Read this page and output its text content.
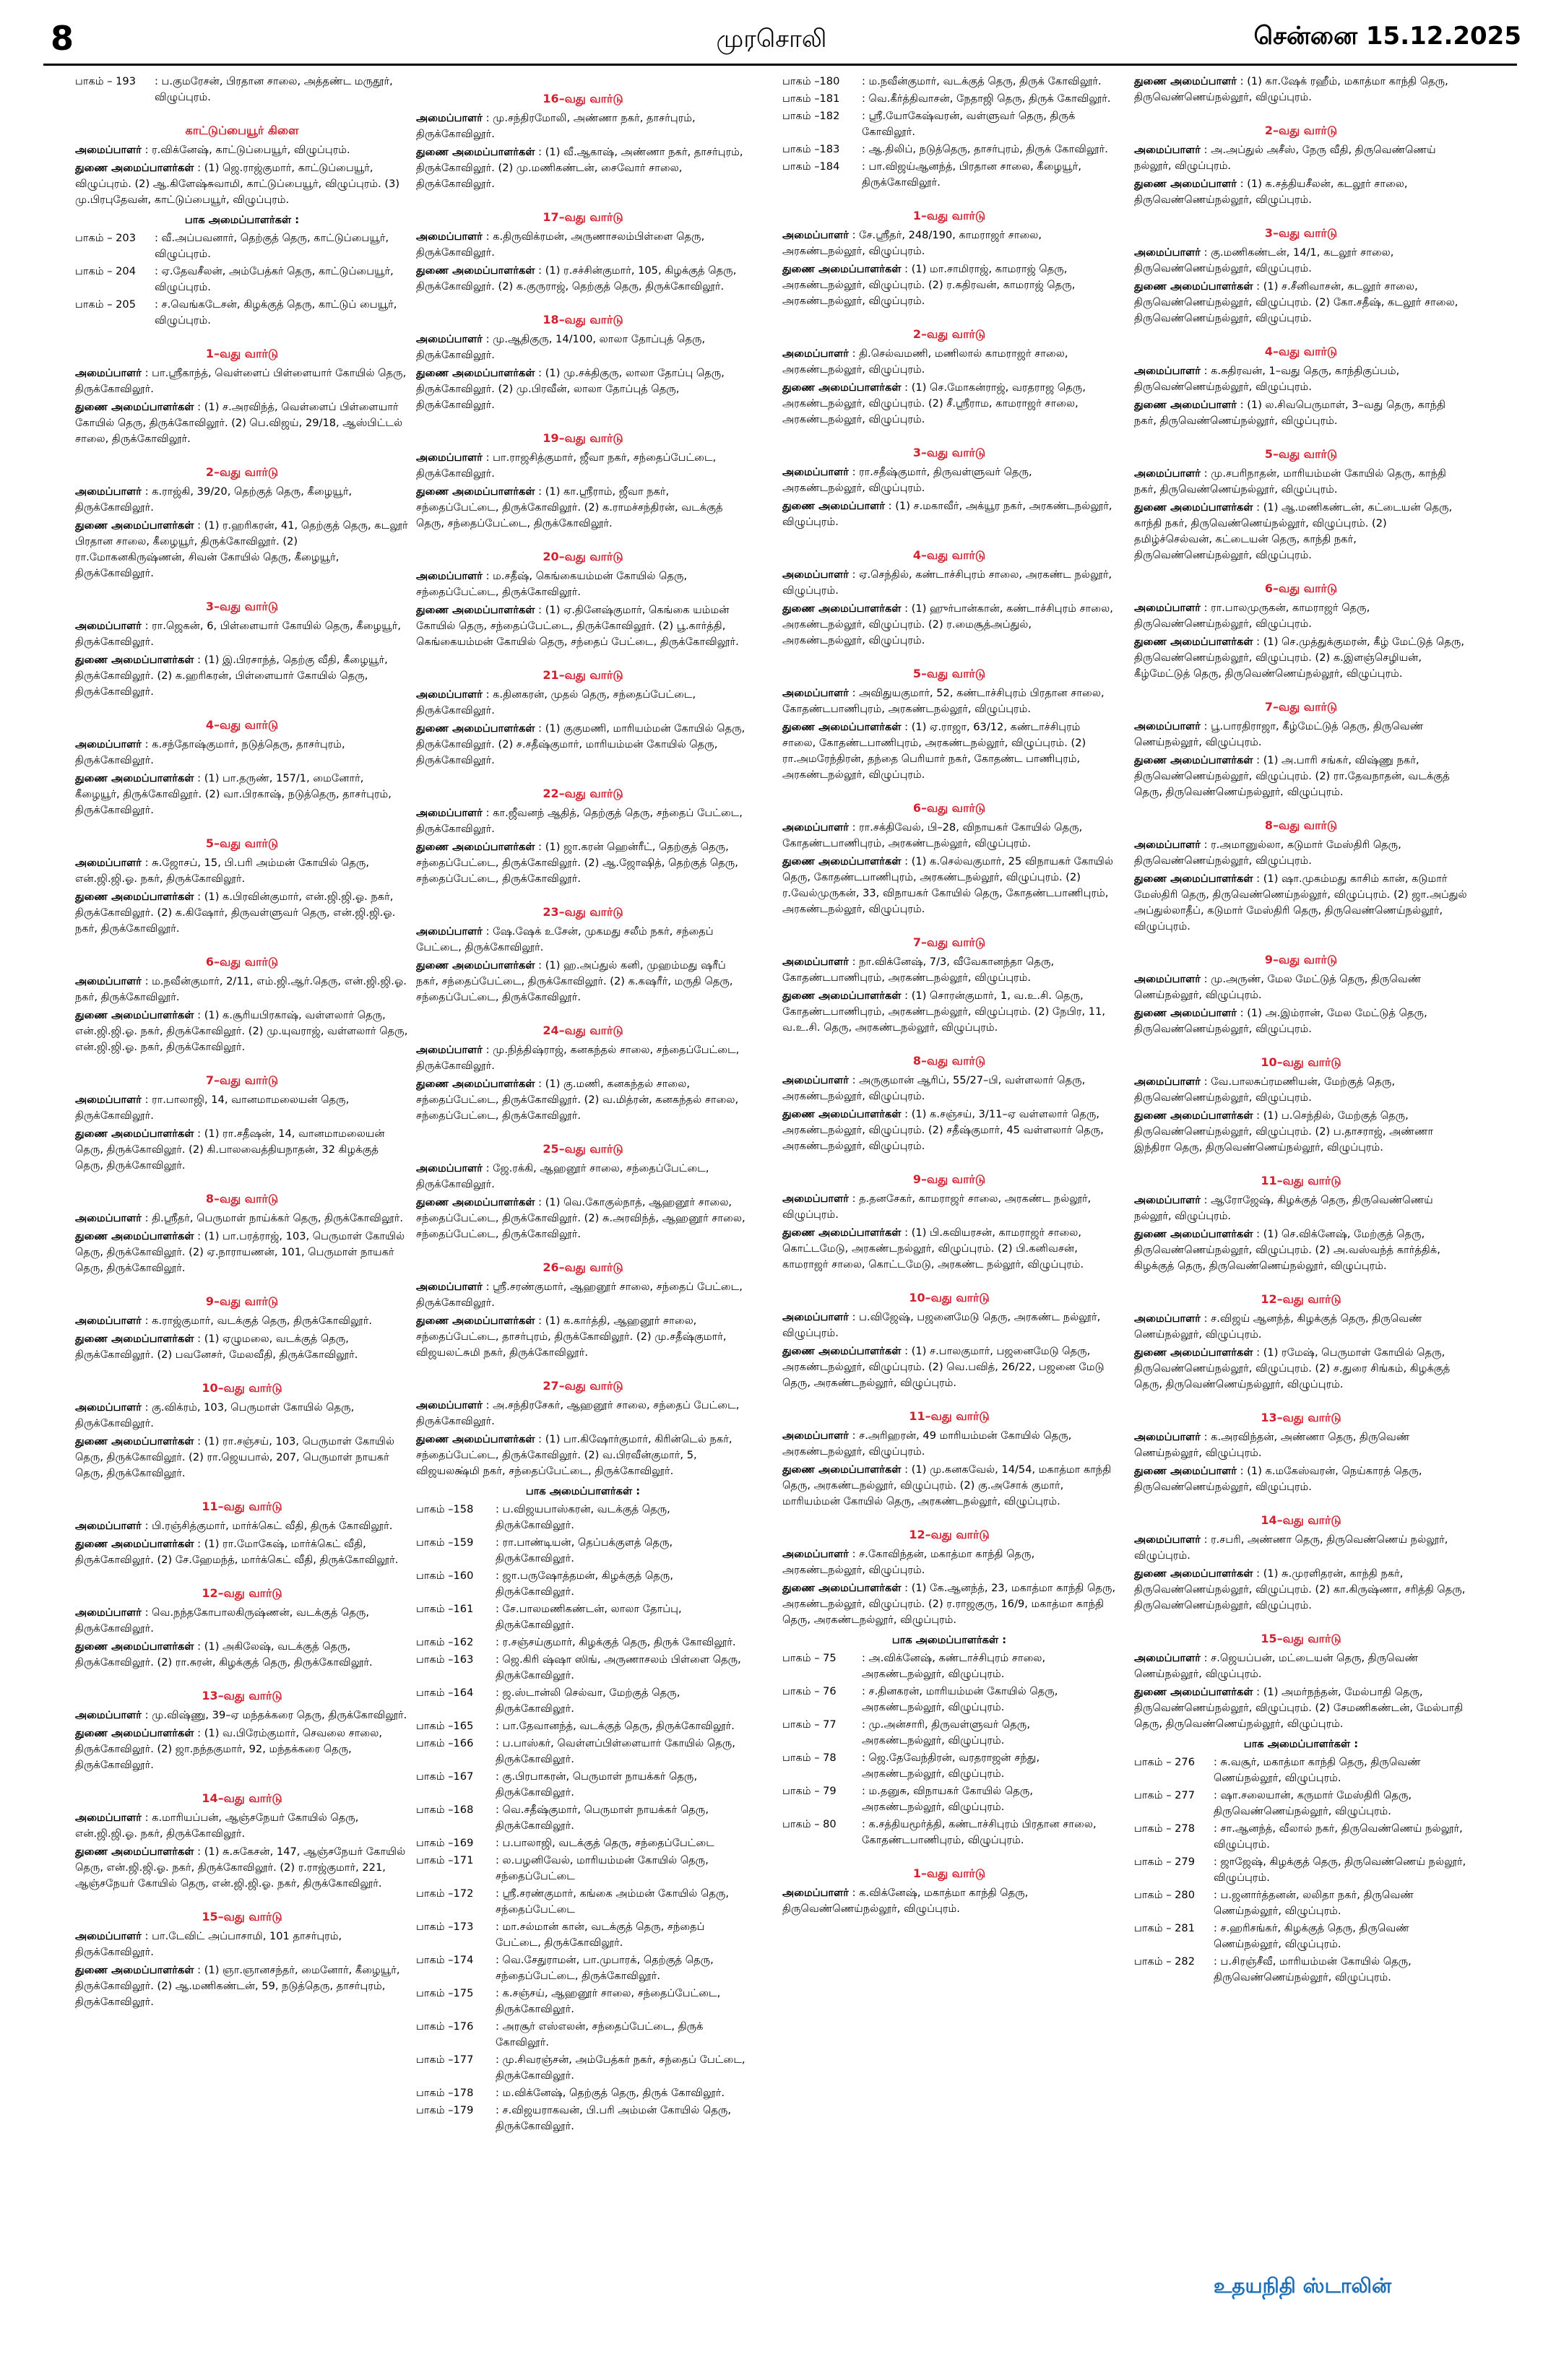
8	முரசொலி	சென்னை 15.12.2025
பாகம் – 193	: ப.குமரேசன், பிரதான சாலை, அத்தண்ட மருதூர், விழுப்புரம்.
காட்டுப்பையூர் கிளை
அமைப்பாளர் : ர.விக்னேஷ், காட்டுப்பையூர், விழுப்புரம்.
துணை அமைப்பாளர்கள் : (1) ஜெ.ராஜ்குமார், காட்டுப்பையூர், விழுப்புரம். (2) ஆ.கிளேஷ்சுவாமி, காட்டுப்பையூர், விழுப்புரம். (3) மு.பிரபுதேவன், காட்டுப்பையூர், விழுப்புரம்.
பாக அமைப்பாளர்கள் :
பாகம் – 203	: வீ.அப்பவனார், தெற்குத் தெரு, காட்டுப்பையூர், விழுப்புரம்.
பாகம் – 204	: ஏ.தேவசீலன், அம்பேத்கர் தெரு, காட்டுப்பையூர், விழுப்புரம்.
பாகம் – 205	: ச.வெங்கடேசன், கிழக்குத் தெரு, காட்டுப் பையூர், விழுப்புரம்.
1–வது வார்டு
அமைப்பாளர் : பா.ஸ்ரீகாந்த், வெள்ளைப் பிள்ளையார் கோயில் தெரு, திருக்கோவிலூர்.
துணை அமைப்பாளர்கள் : (1) ச.அரவிந்த், வெள்ளைப் பிள்ளையார் கோயில் தெரு, திருக்கோவிலூர். (2) பெ.விஜய், 29/18, ஆஸ்பிட்டல் சாலை, திருக்கோவிலூர்.
2–வது வார்டு
அமைப்பாளர் : க.ராஜ்கி, 39/20, தெற்குத் தெரு, கீழையூர், திருக்கோவிலூர்.
துணை அமைப்பாளர்கள் : (1) ர.ஹரிகரன், 41, தெற்குத் தெரு, கடலூர் பிரதான சாலை, கீழையூர், திருக்கோவிலூர். (2) ரா.மோகனகிருஷ்ணன், சிவன் கோயில் தெரு, கீழையூர், திருக்கோவிலூர்.
3–வது வார்டு
அமைப்பாளர் : ரா.ஜெகன், 6, பிள்ளையார் கோயில் தெரு, கீழையூர், திருக்கோவிலூர்.
துணை அமைப்பாளர்கள் : (1) இ.பிரசாந்த், தெற்கு வீதி, கீழையூர், திருக்கோவிலூர். (2) க.ஹரிகரன், பிள்ளையார் கோயில் தெரு, திருக்கோவிலூர்.
4–வது வார்டு
அமைப்பாளர் : க.சந்தோஷ்குமார், நடுத்தெரு, தாசர்புரம், திருக்கோவிலூர்.
துணை அமைப்பாளர்கள் : (1) பா.தருண், 157/1, மைனோர், கீழையூர், திருக்கோவிலூர். (2) வா.பிரகாஷ், நடுத்தெரு, தாசர்புரம், திருக்கோவிலூர்.
5–வது வார்டு
அமைப்பாளர் : சு.ஜோசப், 15, பி.பரி அம்மன் கோயில் தெரு, என்.ஜி.ஜி.ஓ. நகர், திருக்கோவிலூர்.
துணை அமைப்பாளர்கள் : (1) க.பிரவின்குமார், என்.ஜி.ஜி.ஓ. நகர், திருக்கோவிலூர். (2) க.கிஷோர், திருவள்ளுவர் தெரு, என்.ஜி.ஜி.ஓ. நகர், திருக்கோவிலூர்.
6–வது வார்டு
அமைப்பாளர் : ம.நவீன்குமார், 2/11, எம்.ஜி.ஆர்.தெரு, என்.ஜி.ஜி.ஓ. நகர், திருக்கோவிலூர்.
துணை அமைப்பாளர்கள் : (1) க.சூரியபிரகாஷ், வள்ளலார் தெரு, என்.ஜி.ஜி.ஓ. நகர், திருக்கோவிலூர். (2) மு.யுவராஜ், வள்ளலார் தெரு, என்.ஜி.ஜி.ஓ. நகர், திருக்கோவிலூர்.
7–வது வார்டு
அமைப்பாளர் : ரா.பாலாஜி, 14, வானமாமலையன் தெரு, திருக்கோவிலூர்.
துணை அமைப்பாளர்கள் : (1) ரா.சதீஷன், 14, வானமாமலையன் தெரு, திருக்கோவிலூர். (2) கி.பாலவைத்தியநாதன், 32 கிழக்குத் தெரு, திருக்கோவிலூர்.
8–வது வார்டு
அமைப்பாளர் : தி.ஸ்ரீதர், பெருமாள் நாய்க்கர் தெரு, திருக்கோவிலூர்.
துணை அமைப்பாளர்கள் : (1) பா.பரத்ராஜ், 103, பெருமாள் கோயில் தெரு, திருக்கோவிலூர். (2) ஏ.நாராயணன், 101, பெருமாள் நாயகர் தெரு, திருக்கோவிலூர்.
9–வது வார்டு
அமைப்பாளர் : க.ராஜ்குமார், வடக்குத் தெரு, திருக்கோவிலூர்.
துணை அமைப்பாளர்கள் : (1) ஏழுமலை, வடக்குத் தெரு, திருக்கோவிலூர். (2) பவனேசர், மேலவீதி, திருக்கோவிலூர்.
10–வது வார்டு
அமைப்பாளர் : கு.விக்ரம், 103, பெருமாள் கோயில் தெரு, திருக்கோவிலூர்.
துணை அமைப்பாளர்கள் : (1) ரா.சஞ்சய், 103, பெருமாள் கோயில் தெரு, திருக்கோவிலூர். (2) ரா.ஜெயபால், 207, பெருமாள் நாயகர் தெரு, திருக்கோவிலூர்.
11–வது வார்டு
அமைப்பாளர் : பி.ரஞ்சித்குமார், மார்க்கெட் வீதி, திருக் கோவிலூர்.
துணை அமைப்பாளர்கள் : (1) ரா.மோகேஷ், மார்க்கெட் வீதி, திருக்கோவிலூர். (2) சே.ஹேமந்த், மார்க்கெட் வீதி, திருக்கோவிலூர்.
12–வது வார்டு
அமைப்பாளர் : வெ.நந்தகோபாலகிருஷ்ணன், வடக்குத் தெரு, திருக்கோவிலூர்.
துணை அமைப்பாளர்கள் : (1) அகிலேஷ், வடக்குத் தெரு, திருக்கோவிலூர். (2) ரா.சுரன், கிழக்குத் தெரு, திருக்கோவிலூர்.
13–வது வார்டு
அமைப்பாளர் : மு.விஷ்ணு, 39–ஏ மந்தக்கரை தெரு, திருக்கோவிலூர்.
துணை அமைப்பாளர்கள் : (1) வ.பிரேம்குமார், செவலை சாலை, திருக்கோவிலூர். (2) ஜா.நந்தகுமார், 92, மந்தக்கரை தெரு, திருக்கோவிலூர்.
14–வது வார்டு
அமைப்பாளர் : க.மாரியப்பன், ஆஞ்சநேயர் கோயில் தெரு, என்.ஜி.ஜி.ஓ. நகர், திருக்கோவிலூர்.
துணை அமைப்பாளர்கள் : (1) சு.சுகேசன், 147, ஆஞ்சநேயர் கோயில் தெரு, என்.ஜி.ஜி.ஓ. நகர், திருக்கோவிலூர். (2) ர.ராஜ்குமார், 221, ஆஞ்சநேயர் கோயில் தெரு, என்.ஜி.ஜி.ஓ. நகர், திருக்கோவிலூர்.
15–வது வார்டு
அமைப்பாளர் : பா.டேவிட் அப்பாசாமி, 101 தாசர்புரம், திருக்கோவிலூர்.
துணை அமைப்பாளர்கள் : (1) ஞா.ஞானசந்தர், மைனோர், கீழையூர், திருக்கோவிலூர். (2) ஆ.மணிகண்டன், 59, நடுத்தெரு, தாசர்புரம், திருக்கோவிலூர்.
16–வது வார்டு
அமைப்பாளர் : மு.சந்திரமோலி, அண்ணா நகர், தாசர்புரம், திருக்கோவிலூர்.
துணை அமைப்பாளர்கள் : (1) வீ.ஆகாஷ், அண்ணா நகர், தாசர்புரம், திருக்கோவிலூர். (2) மு.மணிகண்டன், சைவோர் சாலை, திருக்கோவிலூர்.
17–வது வார்டு
அமைப்பாளர் : க.திருவிக்ரமன், அருணாசலம்பிள்ளை தெரு, திருக்கோவிலூர்.
துணை அமைப்பாளர்கள் : (1) ர.சச்சின்குமார், 105, கிழக்குத் தெரு, திருக்கோவிலூர். (2) க.குருராஜ், தெற்குத் தெரு, திருக்கோவிலூர்.
18–வது வார்டு
அமைப்பாளர் : மு.ஆதிகுரு, 14/100, லாலா தோப்புத் தெரு, திருக்கோவிலூர்.
துணை அமைப்பாளர்கள் : (1) மு.சக்திகுரு, லாலா தோப்பு தெரு, திருக்கோவிலூர். (2) மு.பிரவீன், லாலா தோப்புத் தெரு, திருக்கோவிலூர்.
19–வது வார்டு
அமைப்பாளர் : பா.ராஜசித்குமார், ஜீவா நகர், சந்தைப்பேட்டை, திருக்கோவிலூர்.
துணை அமைப்பாளர்கள் : (1) கா.ஸ்ரீராம், ஜீவா நகர், சந்தைப்பேட்டை, திருக்கோவிலூர். (2) க.ராமச்சந்திரன், வடக்குத் தெரு, சந்தைப்பேட்டை, திருக்கோவிலூர்.
20–வது வார்டு
அமைப்பாளர் : ம.சதீஷ், கெங்கையம்மன் கோயில் தெரு, சந்தைப்பேட்டை, திருக்கோவிலூர்.
துணை அமைப்பாளர்கள் : (1) ஏ.தினேஷ்குமார், கெங்கை யம்மன் கோயில் தெரு, சந்தைப்பேட்டை, திருக்கோவிலூர். (2) பூ.கார்த்தி, கெங்கையம்மன் கோயில் தெரு, சந்தைப் பேட்டை, திருக்கோவிலூர்.
21–வது வார்டு
அமைப்பாளர் : க.தினகரன், முதல் தெரு, சந்தைப்பேட்டை, திருக்கோவிலூர்.
துணை அமைப்பாளர்கள் : (1) குகுமணி, மாரியம்மன் கோயில் தெரு, திருக்கோவிலூர். (2) ச.சதீஷ்குமார், மாரியம்மன் கோயில் தெரு, திருக்கோவிலூர்.
22–வது வார்டு
அமைப்பாளர் : கா.ஜீவனந் ஆதித், தெற்குத் தெரு, சந்தைப் பேட்டை, திருக்கோவிலூர்.
துணை அமைப்பாளர்கள் : (1) ஜா.கரன் ஹென்ரீட், தெற்குத் தெரு, சந்தைப்பேட்டை, திருக்கோவிலூர். (2) ஆ.ஜோஷித், தெற்குத் தெரு, சந்தைப்பேட்டை, திருக்கோவிலூர்.
23–வது வார்டு
அமைப்பாளர் : ஷே.ஷேக் உசேன், முகமது சலீம் நகர், சந்தைப் பேட்டை, திருக்கோவிலூர்.
துணை அமைப்பாளர்கள் : (1) ஹ.அப்துல் கனி, முஹம்மது ஷரீப் நகர், சந்தைப்பேட்டை, திருக்கோவிலூர். (2) க.கஷரீர், மருதி தெரு, சந்தைப்பேட்டை, திருக்கோவிலூர்.
24–வது வார்டு
அமைப்பாளர் : மு.நித்திஷ்ராஜ், கனகந்தல் சாலை, சந்தைப்பேட்டை, திருக்கோவிலூர்.
துணை அமைப்பாளர்கள் : (1) கு.மணி, கனகந்தல் சாலை, சந்தைப்பேட்டை, திருக்கோவிலூர். (2) வ.மித்ரன், கனகந்தல் சாலை, சந்தைப்பேட்டை, திருக்கோவிலூர்.
25–வது வார்டு
அமைப்பாளர் : ஜே.ரக்கி, ஆஹனூர் சாலை, சந்தைப்பேட்டை, திருக்கோவிலூர்.
துணை அமைப்பாளர்கள் : (1) வெ.கோகுல்நாத், ஆஹனூர் சாலை, சந்தைப்பேட்டை, திருக்கோவிலூர். (2) சு.அரவிந்த், ஆஹனூர் சாலை, சந்தைப்பேட்டை, திருக்கோவிலூர்.
26–வது வார்டு
அமைப்பாளர் : ஸ்ரீ.சரண்குமார், ஆஹனூர் சாலை, சந்தைப் பேட்டை, திருக்கோவிலூர்.
துணை அமைப்பாளர்கள் : (1) க.கார்த்தி, ஆஹனூர் சாலை, சந்தைப்பேட்டை, தாசர்புரம், திருக்கோவிலூர். (2) மு.சதீஷ்குமார், விஜயலட்சுமி நகர், திருக்கோவிலூர்.
27–வது வார்டு
அமைப்பாளர் : அ.சந்திரசேகர், ஆஹனூர் சாலை, சந்தைப் பேட்டை, திருக்கோவிலூர்.
துணை அமைப்பாளர்கள் : (1) பா.கிஷோர்குமார், கிரின்டெல் நகர், சந்தைப்பேட்டை, திருக்கோவிலூர். (2) வ.பிரவீன்குமார், 5, விஜயலக்ஷ்மி நகர், சந்தைப்பேட்டை, திருக்கோவிலூர்.
பாக அமைப்பாளர்கள் :
பாகம் –158	: ப.விஜயபாஸ்கரன், வடக்குத் தெரு, திருக்கோவிலூர்.
பாகம் –159	: ரா.பாண்டியன், தெப்பக்குளத் தெரு, திருக்கோவிலூர்.
பாகம் –160	: ஜா.பருஷோத்தமன், கிழக்குத் தெரு, திருக்கோவிலூர்.
பாகம் –161	: சே.பாலமணிகண்டன், லாலா தோப்பு, திருக்கோவிலூர்.
பாகம் –162	: ர.சஞ்சய்குமார், கிழக்குத் தெரு, திருக் கோவிலூர்.
பாகம் –163	: ஜெ.கிரி ஷ்ஷா ஸிங், அருணாசலம் பிள்ளை தெரு, திருக்கோவிலூர்.
பாகம் –164	: ஜ.ஸ்டான்லி செல்வா, மேற்குத் தெரு, திருக்கோவிலூர்.
பாகம் –165	: பா.தேவானந்த், வடக்குத் தெரு, திருக்கோவிலூர்.
பாகம் –166	: ப.பாஸ்கர், வெள்ளப்பிள்ளையார் கோயில் தெரு, திருக்கோவிலூர்.
பாகம் –167	: கு.பிரபாகரன், பெருமாள் நாயக்கர் தெரு, திருக்கோவிலூர்.
பாகம் –168	: வெ.சதீஷ்குமார், பெருமாள் நாயக்கர் தெரு, திருக்கோவிலூர்.
பாகம் –169	: ப.பாலாஜி, வடக்குத் தெரு, சந்தைப்பேட்டை
பாகம் –171	: ல.பழனிவேல், மாரியம்மன் கோயில் தெரு, சந்தைப்பேட்டை
பாகம் –172	: ஸ்ரீ.சரண்குமார், கங்கை அம்மன் கோயில் தெரு, சந்தைப்பேட்டை
பாகம் –173	: மா.சல்மான் கான், வடக்குத் தெரு, சந்தைப் பேட்டை, திருக்கோவிலூர்.
பாகம் –174	: வெ.சேதுராமன், பா.முபாரக், தெற்குத் தெரு, சந்தைப்பேட்டை, திருக்கோவிலூர்.
பாகம் –175	: க.சஞ்சய், ஆஹனூர் சாலை, சந்தைப்பேட்டை, திருக்கோவிலூர்.
பாகம் –176	: அரசூர் எஸ்எலன், சந்தைப்பேட்டை, திருக் கோவிலூர்.
பாகம் –177	: மு.சிவரஞ்சன், அம்பேத்கர் நகர், சந்தைப் பேட்டை, திருக்கோவிலூர்.
பாகம் –178	: ம.விக்னேஷ், தெற்குத் தெரு, திருக் கோவிலூர்.
பாகம் –179	: ச.விஜயராகவன், பி.பரி அம்மன் கோயில் தெரு, திருக்கோவிலூர்.
பாகம் –180	: ம.நவீன்குமார், வடக்குத் தெரு, திருக் கோவிலூர்.
பாகம் –181	: வெ.கீர்த்திவாசன், நேதாஜி தெரு, திருக் கோவிலூர்.
பாகம் –182	: ஸ்ரீ.யோகேஷ்வரன், வள்ளுவர் தெரு, திருக் கோவிலூர்.
பாகம் –183	: ஆ.திலிப், நடுத்தெரு, தாசர்புரம், திருக் கோவிலூர்.
பாகம் –184	: பா.விஜய்ஆனந்த், பிரதான சாலை, கீழையூர், திருக்கோவிலூர்.
1–வது வார்டு
அமைப்பாளர் : சே.ஸ்ரீதர், 248/190, காமராஜர் சாலை, அரகண்டநல்லூர், விழுப்புரம்.
துணை அமைப்பாளர்கள் : (1) மா.சாமிராஜ், காமராஜ் தெரு, அரகண்டநல்லூர், விழுப்புரம். (2) ர.கதிரவன், காமராஜ் தெரு, அரகண்டநல்லூர், விழுப்புரம்.
2–வது வார்டு
அமைப்பாளர் : தி.செல்வமணி, மணிலால் காமராஜர் சாலை, அரகண்டநல்லூர், விழுப்புரம்.
துணை அமைப்பாளர்கள் : (1) செ.மோகன்ராஜ், வரதராஜ தெரு, அரகண்டநல்லூர், விழுப்புரம். (2) சீ.ஸ்ரீராம, காமராஜர் சாலை, அரகண்டநல்லூர், விழுப்புரம்.
3–வது வார்டு
அமைப்பாளர் : ரா.சதீஷ்குமார், திருவள்ளுவர் தெரு, அரகண்டநல்லூர், விழுப்புரம்.
துணை அமைப்பாளர் : (1) ச.மகாவீர், அக்யூர நகர், அரகண்டநல்லூர், விழுப்புரம்.
4–வது வார்டு
அமைப்பாளர் : ஏ.செந்தில், கண்டாச்சிபுரம் சாலை, அரகண்ட நல்லூர், விழுப்புரம்.
துணை அமைப்பாளர்கள் : (1) ஹுர்பான்கான், கண்டாச்சிபுரம் சாலை, அரகண்டநல்லூர், விழுப்புரம். (2) ர.மைசூத்அப்துல், அரகண்டநல்லூர், விழுப்புரம்.
5–வது வார்டு
அமைப்பாளர் : அவிதுயகுமார், 52, கண்டாச்சிபுரம் பிரதான சாலை, கோதண்டபாணிபுரம், அரகண்டநல்லூர், விழுப்புரம்.
துணை அமைப்பாளர்கள் : (1) ஏ.ராஜா, 63/12, கண்டாச்சிபுரம் சாலை, கோதண்டபாணிபுரம், அரகண்டநல்லூர், விழுப்புரம். (2) ரா.அமரேந்திரன், தந்தை பெரியார் நகர், கோதண்ட பாணிபுரம், அரகண்டநல்லூர், விழுப்புரம்.
6–வது வார்டு
அமைப்பாளர் : ரா.சக்திவேல், பி–28, விநாயகர் கோயில் தெரு, கோதண்டபாணிபுரம், அரகண்டநல்லூர், விழுப்புரம்.
துணை அமைப்பாளர்கள் : (1) க.செல்வகுமார், 25 விநாயகர் கோயில் தெரு, கோதண்டபாணிபுரம், அரகண்டநல்லூர், விழுப்புரம். (2) ர.வேல்முருகன், 33, விநாயகர் கோயில் தெரு, கோதண்டபாணிபுரம், அரகண்டநல்லூர், விழுப்புரம்.
7–வது வார்டு
அமைப்பாளர் : நா.விக்னேஷ், 7/3, வீவேகானந்தா தெரு, கோதண்டபாணிபுரம், அரகண்டநல்லூர், விழுப்புரம்.
துணை அமைப்பாளர்கள் : (1) சொரன்குமார், 1, வ.உ.சி. தெரு, கோதண்டபாணிபுரம், அரகண்டநல்லூர், விழுப்புரம். (2) நேபிர, 11, வ.உ.சி. தெரு, அரகண்டநல்லூர், விழுப்புரம்.
8–வது வார்டு
அமைப்பாளர் : அருகுமான் ஆரிப், 55/27–பி, வள்ளலார் தெரு, அரகண்டநல்லூர், விழுப்புரம்.
துணை அமைப்பாளர்கள் : (1) க.சஞ்சய், 3/11–ஏ வள்ளலார் தெரு, அரகண்டநல்லூர், விழுப்புரம். (2) சதீஷ்குமார், 45 வள்ளலார் தெரு, அரகண்டநல்லூர், விழுப்புரம்.
9–வது வார்டு
அமைப்பாளர் : த.தனசேகர், காமராஜர் சாலை, அரகண்ட நல்லூர், விழுப்புரம்.
துணை அமைப்பாளர்கள் : (1) பி.கவியரசன், காமராஜர் சாலை, கொட்டமேடு, அரகண்டநல்லூர், விழுப்புரம். (2) பி.கனிவசன், காமராஜர் சாலை, கொட்டமேடு, அரகண்ட நல்லூர், விழுப்புரம்.
10–வது வார்டு
அமைப்பாளர் : ப.விஜேஷ், பஜனைமேடு தெரு, அரகண்ட நல்லூர், விழுப்புரம்.
துணை அமைப்பாளர்கள் : (1) ச.பாலகுமார், பஜனைமேடு தெரு, அரகண்டநல்லூர், விழுப்புரம். (2) வெ.பவித், 26/22, பஜனை மேடு தெரு, அரகண்டநல்லூர், விழுப்புரம்.
11–வது வார்டு
அமைப்பாளர் : ச.அரிஹரன், 49 மாரியம்மன் கோயில் தெரு, அரகண்டநல்லூர், விழுப்புரம்.
துணை அமைப்பாளர்கள் : (1) மு.கனகவேல், 14/54, மகாத்மா காந்தி தெரு, அரகண்டநல்லூர், விழுப்புரம். (2) கு.அசோக் குமார், மாரியம்மன் கோயில் தெரு, அரகண்டநல்லூர், விழுப்புரம்.
12–வது வார்டு
அமைப்பாளர் : ச.கோவிந்தன், மகாத்மா காந்தி தெரு, அரகண்டநல்லூர், விழுப்புரம்.
துணை அமைப்பாளர்கள் : (1) கே.ஆனந்த், 23, மகாத்மா காந்தி தெரு, அரகண்டநல்லூர், விழுப்புரம். (2) ர.ராஜகுரு, 16/9, மகாத்மா காந்தி தெரு, அரகண்டநல்லூர், விழுப்புரம்.
பாக அமைப்பாளர்கள் :
பாகம் – 75	: அ.விக்னேஷ், கண்டாச்சிபுரம் சாலை, அரகண்டநல்லூர், விழுப்புரம்.
பாகம் – 76	: ச.தினகரன், மாரியம்மன் கோயில் தெரு, அரகண்டநல்லூர், விழுப்புரம்.
பாகம் – 77	: மு.அன்சாரி, திருவள்ளுவர் தெரு, அரகண்டநல்லூர், விழுப்புரம்.
பாகம் – 78	: ஜெ.தேவேந்திரன், வரதராஜன் சந்து, அரகண்டநல்லூர், விழுப்புரம்.
பாகம் – 79	: ம.தனுசு, விநாயகர் கோயில் தெரு, அரகண்டநல்லூர், விழுப்புரம்.
பாகம் – 80	: க.சத்தியமூர்த்தி, கண்டாச்சிபுரம் பிரதான சாலை, கோதண்டபாணிபுரம், விழுப்புரம்.
1–வது வார்டு
அமைப்பாளர் : க.விக்னேஷ், மகாத்மா காந்தி தெரு, திருவெண்ணெய்நல்லூர், விழுப்புரம்.
துணை அமைப்பாளர் : (1) கா.ஷேக் ரஹீம், மகாத்மா காந்தி தெரு, திருவெண்ணெய்நல்லூர், விழுப்புரம்.
2–வது வார்டு
அமைப்பாளர் : அ.அப்துல் அசீஸ், நேரு வீதி, திருவெண்ணெய் நல்லூர், விழுப்புரம்.
துணை அமைப்பாளர் : (1) க.சத்தியசீலன், கடலூர் சாலை, திருவெண்ணெய்நல்லூர், விழுப்புரம்.
3–வது வார்டு
அமைப்பாளர் : கு.மணிகண்டன், 14/1, கடலூர் சாலை, திருவெண்ணெய்நல்லூர், விழுப்புரம்.
துணை அமைப்பாளர்கள் : (1) ச.சீனிவாசன், கடலூர் சாலை, திருவெண்ணெய்நல்லூர், விழுப்புரம். (2) கோ.சதீஷ், கடலூர் சாலை, திருவெண்ணெய்நல்லூர், விழுப்புரம்.
4–வது வார்டு
அமைப்பாளர் : க.சுதிரவன், 1–வது தெரு, காந்திகுப்பம், திருவெண்ணெய்நல்லூர், விழுப்புரம்.
துணை அமைப்பாளர் : (1) ல.சிவபெருமாள், 3–வது தெரு, காந்தி நகர், திருவெண்ணெய்நல்லூர், விழுப்புரம்.
5–வது வார்டு
அமைப்பாளர் : மு.சபரிநாதன், மாரியம்மன் கோயில் தெரு, காந்தி நகர், திருவெண்ணெய்நல்லூர், விழுப்புரம்.
துணை அமைப்பாளர்கள் : (1) ஆ.மணிகண்டன், கட்டையன் தெரு, காந்தி நகர், திருவெண்ணெய்நல்லூர், விழுப்புரம். (2) தமிழ்ச்செல்வன், கட்டையன் தெரு, காந்தி நகர், திருவெண்ணெய்நல்லூர், விழுப்புரம்.
6–வது வார்டு
அமைப்பாளர் : ரா.பாலமுருகன், காமராஜர் தெரு, திருவெண்ணெய்நல்லூர், விழுப்புரம்.
துணை அமைப்பாளர்கள் : (1) செ.முத்துக்குமரன், கீழ் மேட்டுத் தெரு, திருவெண்ணெய்நல்லூர், விழுப்புரம். (2) க.இளஞ்செழியன், கீழ்மேட்டுத் தெரு, திருவெண்ணெய்நல்லூர், விழுப்புரம்.
7–வது வார்டு
அமைப்பாளர் : பூ.பாரதிராஜா, கீழ்மேட்டுத் தெரு, திருவெண் ணெய்நல்லூர், விழுப்புரம்.
துணை அமைப்பாளர்கள் : (1) அ.பாரி சங்கர், விஷ்ணு நகர், திருவெண்ணெய்நல்லூர், விழுப்புரம். (2) ரா.தேவநாதன், வடக்குத் தெரு, திருவெண்ணெய்நல்லூர், விழுப்புரம்.
8–வது வார்டு
அமைப்பாளர் : ர.அமானுல்லா, கடுமார் மேஸ்திரி தெரு, திருவெண்ணெய்நல்லூர், விழுப்புரம்.
துணை அமைப்பாளர்கள் : (1) ஷா.முகம்மது காசிம் கான், கடுமார் மேஸ்திரி தெரு, திருவெண்ணெய்நல்லூர், விழுப்புரம். (2) ஜா.அப்துல் அப்துல்லாதீப், கடுமார் மேஸ்திரி தெரு, திருவெண்ணெய்நல்லூர், விழுப்புரம்.
9–வது வார்டு
அமைப்பாளர் : மு.அருண், மேல மேட்டுத் தெரு, திருவெண் ணெய்நல்லூர், விழுப்புரம்.
துணை அமைப்பாளர் : (1) அ.இம்ரான், மேல மேட்டுத் தெரு, திருவெண்ணெய்நல்லூர், விழுப்புரம்.
10–வது வார்டு
அமைப்பாளர் : வே.பாலசுப்ரமணியன், மேற்குத் தெரு, திருவெண்ணெய்நல்லூர், விழுப்புரம்.
துணை அமைப்பாளர்கள் : (1) ப.செந்தில், மேற்குத் தெரு, திருவெண்ணெய்நல்லூர், விழுப்புரம். (2) ப.தாசராஜ், அண்ணா இந்திரா தெரு, திருவெண்ணெய்நல்லூர், விழுப்புரம்.
11–வது வார்டு
அமைப்பாளர் : ஆரோஜேஷ், கிழக்குத் தெரு, திருவெண்ணெய் நல்லூர், விழுப்புரம்.
துணை அமைப்பாளர்கள் : (1) செ.விக்னேஷ், மேற்குத் தெரு, திருவெண்ணெய்நல்லூர், விழுப்புரம். (2) அ.வஸ்வந்த் கார்த்திக், கிழக்குத் தெரு, திருவெண்ணெய்நல்லூர், விழுப்புரம்.
12–வது வார்டு
அமைப்பாளர் : ச.விஜய் ஆனந்த், கிழக்குத் தெரு, திருவெண் ணெய்நல்லூர், விழுப்புரம்.
துணை அமைப்பாளர்கள் : (1) ரமேஷ், பெருமாள் கோயில் தெரு, திருவெண்ணெய்நல்லூர், விழுப்புரம். (2) ச.துரை சிங்கம், கிழக்குத் தெரு, திருவெண்ணெய்நல்லூர், விழுப்புரம்.
13–வது வார்டு
அமைப்பாளர் : க.அரவிந்தன், அண்ணா தெரு, திருவெண் ணெய்நல்லூர், விழுப்புரம்.
துணை அமைப்பாளர் : (1) க.மகேஸ்வரன், நெய்காரத் தெரு, திருவெண்ணெய்நல்லூர், விழுப்புரம்.
14–வது வார்டு
அமைப்பாளர் : ர.சபரி, அண்ணா தெரு, திருவெண்ணெய் நல்லூர், விழுப்புரம்.
துணை அமைப்பாளர்கள் : (1) சு.முரளிதரன், காந்தி நகர், திருவெண்ணெய்நல்லூர், விழுப்புரம். (2) கா.கிருஷ்ணா, சரித்தி தெரு, திருவெண்ணெய்நல்லூர், விழுப்புரம்.
15–வது வார்டு
அமைப்பாளர் : ச.ஜெயப்பன், மட்டையன் தெரு, திருவெண் ணெய்நல்லூர், விழுப்புரம்.
துணை அமைப்பாளர்கள் : (1) அமர்நந்தன், மேல்பாதி தெரு, திருவெண்ணெய்நல்லூர், விழுப்புரம். (2) சேமணிகண்டன், மேல்பாதி தெரு, திருவெண்ணெய்நல்லூர், விழுப்புரம்.
பாக அமைப்பாளர்கள் :
பாகம் – 276	: சு.வசூர், மகாத்மா காந்தி தெரு, திருவெண் ணெய்நல்லூர், விழுப்புரம்.
பாகம் – 277	: ஷா.சலையான், கருமார் மேஸ்திரி தெரு, திருவெண்ணெய்நல்லூர், விழுப்புரம்.
பாகம் – 278	: சா.ஆனந்த், வீலால் நகர், திருவெண்ணெய் நல்லூர், விழுப்புரம்.
பாகம் – 279	: ஜாஜேஷ், கிழக்குத் தெரு, திருவெண்ணெய் நல்லூர், விழுப்புரம்.
பாகம் – 280	: ப.ஜனார்த்தனன், லலிதா நகர், திருவெண் ணெய்நல்லூர், விழுப்புரம்.
பாகம் – 281	: ச.ஹரிசங்கர், கிழக்குத் தெரு, திருவெண் ணெய்நல்லூர், விழுப்புரம்.
பாகம் – 282	: ப.சிரஞ்சீவீ, மாரியம்மன் கோயில் தெரு, திருவெண்ணெய்நல்லூர், விழுப்புரம்.
உதயநிதி ஸ்டாலின்
